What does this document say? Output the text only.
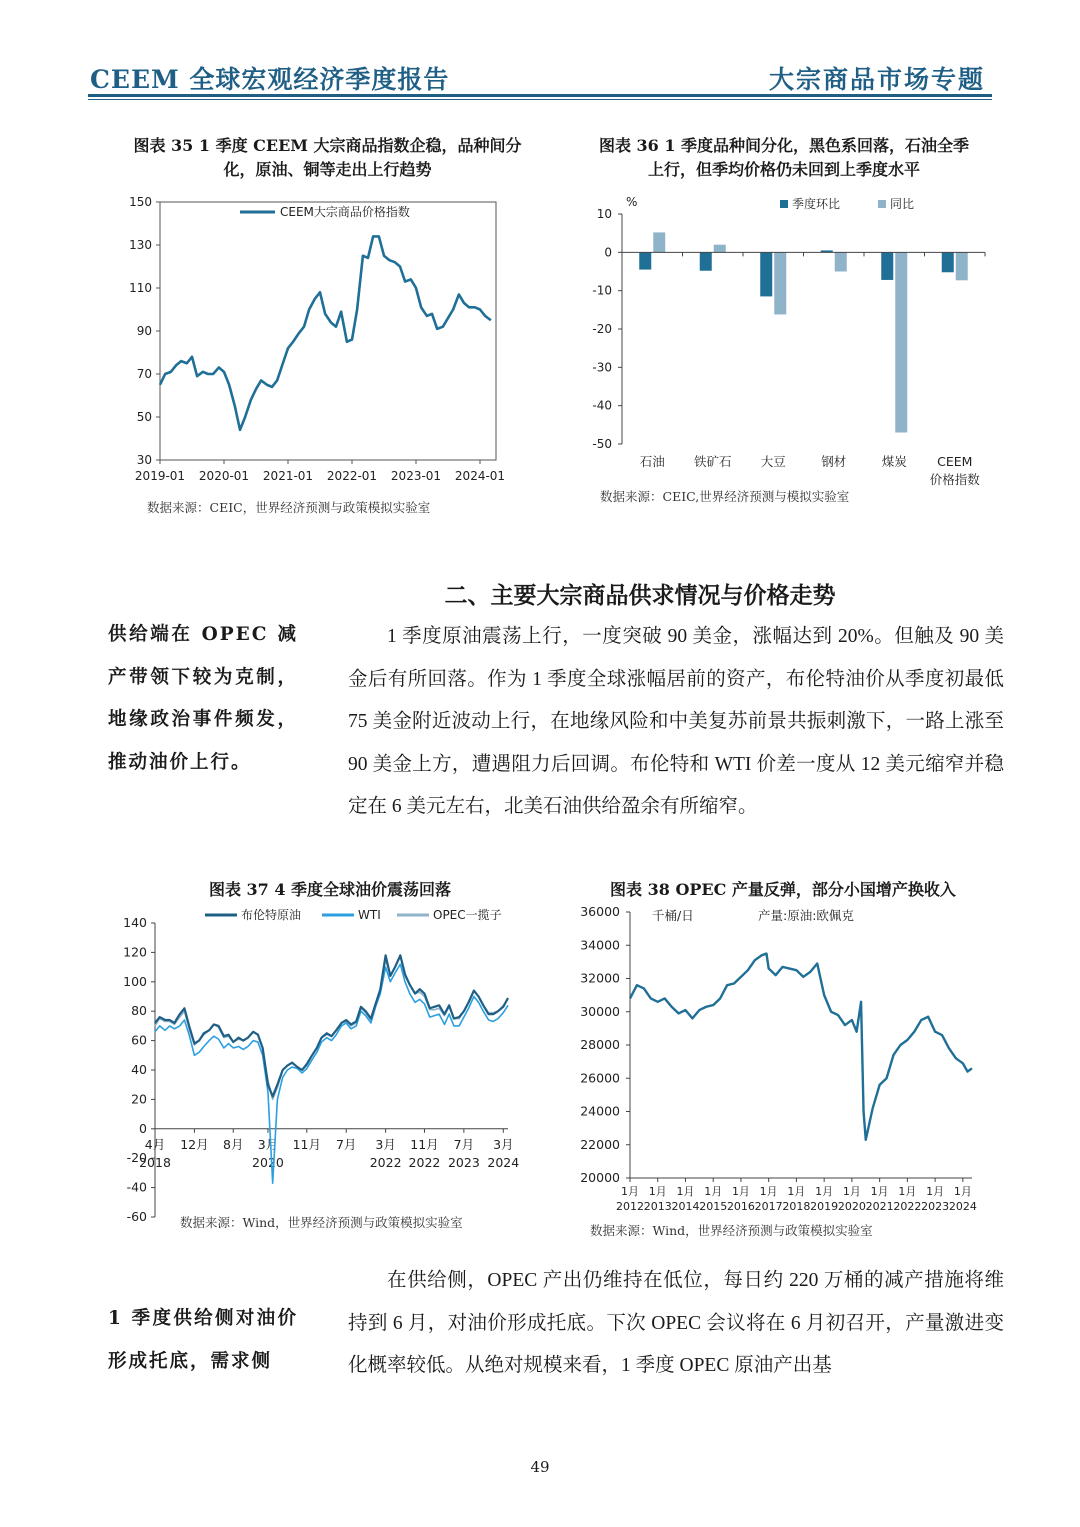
CEEM 全球宏观经济季度报告	大宗商品市场专题
图表 35 1 季度 CEEM 大宗商品指数企稳，品种间分
化，原油、铜等走出上行趋势
30
50
70
90
110
130
150
2019-01 2020-01 2021-01 2022-01 2023-01 2024-01
CEEM大宗商品价格指数
数据来源：CEIC，世界经济预测与政策模拟实验室
图表 36 1 季度品种间分化，黑色系回落，石油全季
上行，但季均价格仍未回到上季度水平
%
10
0
-10
-20
-30
-40
-50
石油 铁矿石 大豆	钢材	煤炭 CEEM
价格指数
季度环比	同比
数据来源：CEIC,世界经济预测与模拟实验室
二、主要大宗商品供求情况与价格走势
供给端在 OPEC 减产带领下较为克制，地缘政治事件频发，推动油价上行。
1 季度原油震荡上行，一度突破 90 美金，涨幅达到 20%。但触及 90 美金后有所回落。作为 1 季度全球涨幅居前的资产，布伦特油价从季度初最低 75 美金附近波动上行，在地缘风险和中美复苏前景共振刺激下，一路上涨至 90 美金上方，遭遇阻力后回调。布伦特和 WTI 价差一度从 12 美元缩窄并稳定在 6 美元左右，北美石油供给盈余有所缩窄。
图表 37 4 季度全球油价震荡回落
140
120
100
80
60
40
20
0
-20
-40
-60
4月 12月 8月 3月 11月 7月 3月 11月 7月 3月
2018	2020	2022 2022 2023 2024
布伦特原油	WTI	OPEC一揽子
数据来源：Wind，世界经济预测与政策模拟实验室
图表 38 OPEC 产量反弹，部分小国增产换收入
36000
34000
32000
30000
28000
26000
24000
22000
20000
1月
2012
1月
2013
1月
2014
1月
2015
1月
2016
1月
2017
1月
2018
1月
2019
1月
2020
1月
2021
1月
2022
1月
2023
1月
2024
千桶/日	产量:原油:欧佩克
数据来源：Wind，世界经济预测与政策模拟实验室
1 季度供给侧对油价形成托底，需求侧
在供给侧，OPEC 产出仍维持在低位，每日约 220 万桶的减产措施将维持到 6 月，对油价形成托底。下次 OPEC 会议将在 6 月初召开，产量激进变化概率较低。从绝对规模来看，1 季度 OPEC 原油产出基
49
